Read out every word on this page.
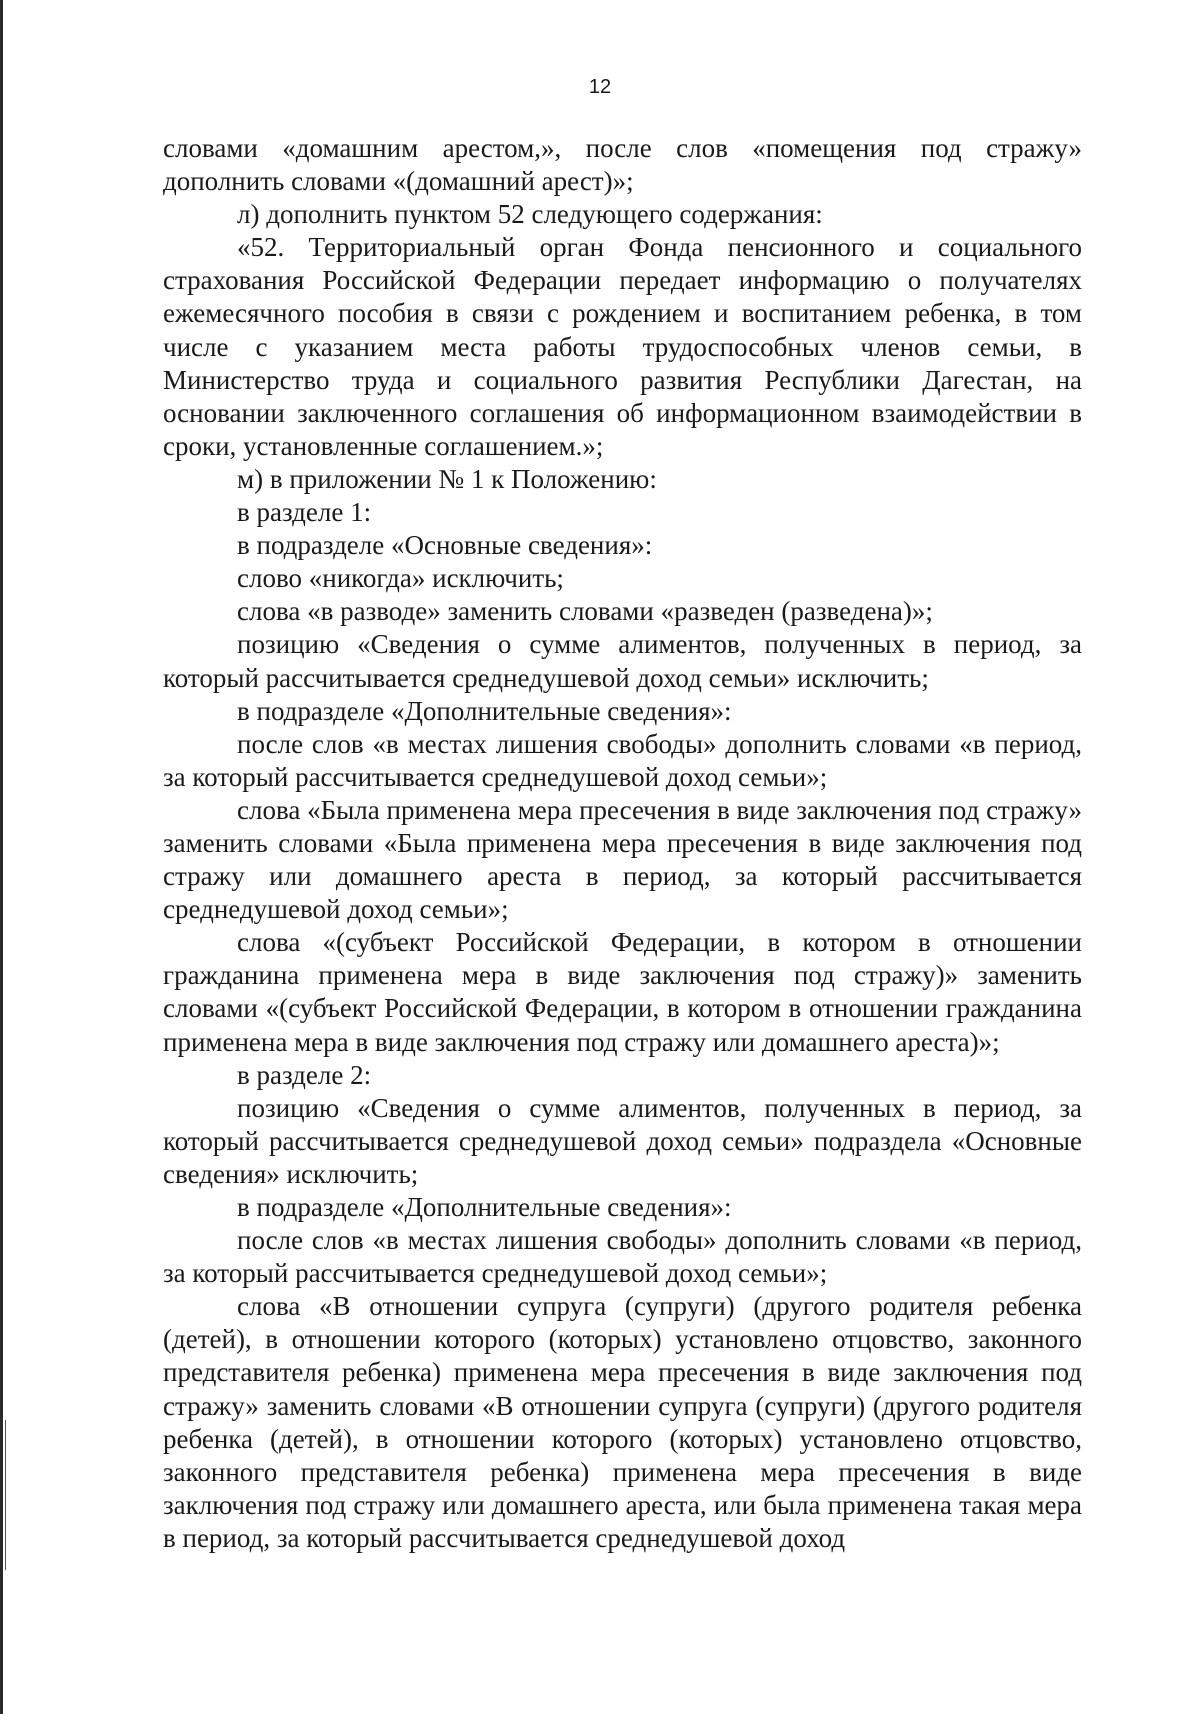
12

словами «домашним арестом,», после слов «помещения под стражу» дополнить словами «(домашний арест)»;

л) дополнить пунктом 52 следующего содержания:

«52. Территориальный орган Фонда пенсионного и социального страхования Российской Федерации передает информацию о получателях ежемесячного пособия в связи с рождением и воспитанием ребенка, в том числе с указанием места работы трудоспособных членов семьи, в Министерство труда и социального развития Республики Дагестан, на основании заключенного соглашения об информационном взаимодействии в сроки, установленные соглашением.»;

м) в приложении № 1 к Положению:

в разделе 1:

в подразделе «Основные сведения»:

слово «никогда» исключить;

слова «в разводе» заменить словами «разведен (разведена)»;

позицию «Сведения о сумме алиментов, полученных в период, за который рассчитывается среднедушевой доход семьи» исключить;

в подразделе «Дополнительные сведения»:

после слов «в местах лишения свободы» дополнить словами «в период, за который рассчитывается среднедушевой доход семьи»;

слова «Была применена мера пресечения в виде заключения под стражу» заменить словами «Была применена мера пресечения в виде заключения под стражу или домашнего ареста в период, за который рассчитывается среднедушевой доход семьи»;

слова «(субъект Российской Федерации, в котором в отношении гражданина применена мера в виде заключения под стражу)» заменить словами «(субъект Российской Федерации, в котором в отношении гражданина применена мера в виде заключения под стражу или домашнего ареста)»;

в разделе 2:

позицию «Сведения о сумме алиментов, полученных в период, за который рассчитывается среднедушевой доход семьи» подраздела «Основные сведения» исключить;

в подразделе «Дополнительные сведения»:

после слов «в местах лишения свободы» дополнить словами «в период, за который рассчитывается среднедушевой доход семьи»;

слова «В отношении супруга (супруги) (другого родителя ребенка (детей), в отношении которого (которых) установлено отцовство, законного представителя ребенка) применена мера пресечения в виде заключения под стражу» заменить словами «В отношении супруга (супруги) (другого родителя ребенка (детей), в отношении которого (которых) установлено отцовство, законного представителя ребенка) применена мера пресечения в виде заключения под стражу или домашнего ареста, или была применена такая мера в период, за который рассчитывается среднедушевой доход
